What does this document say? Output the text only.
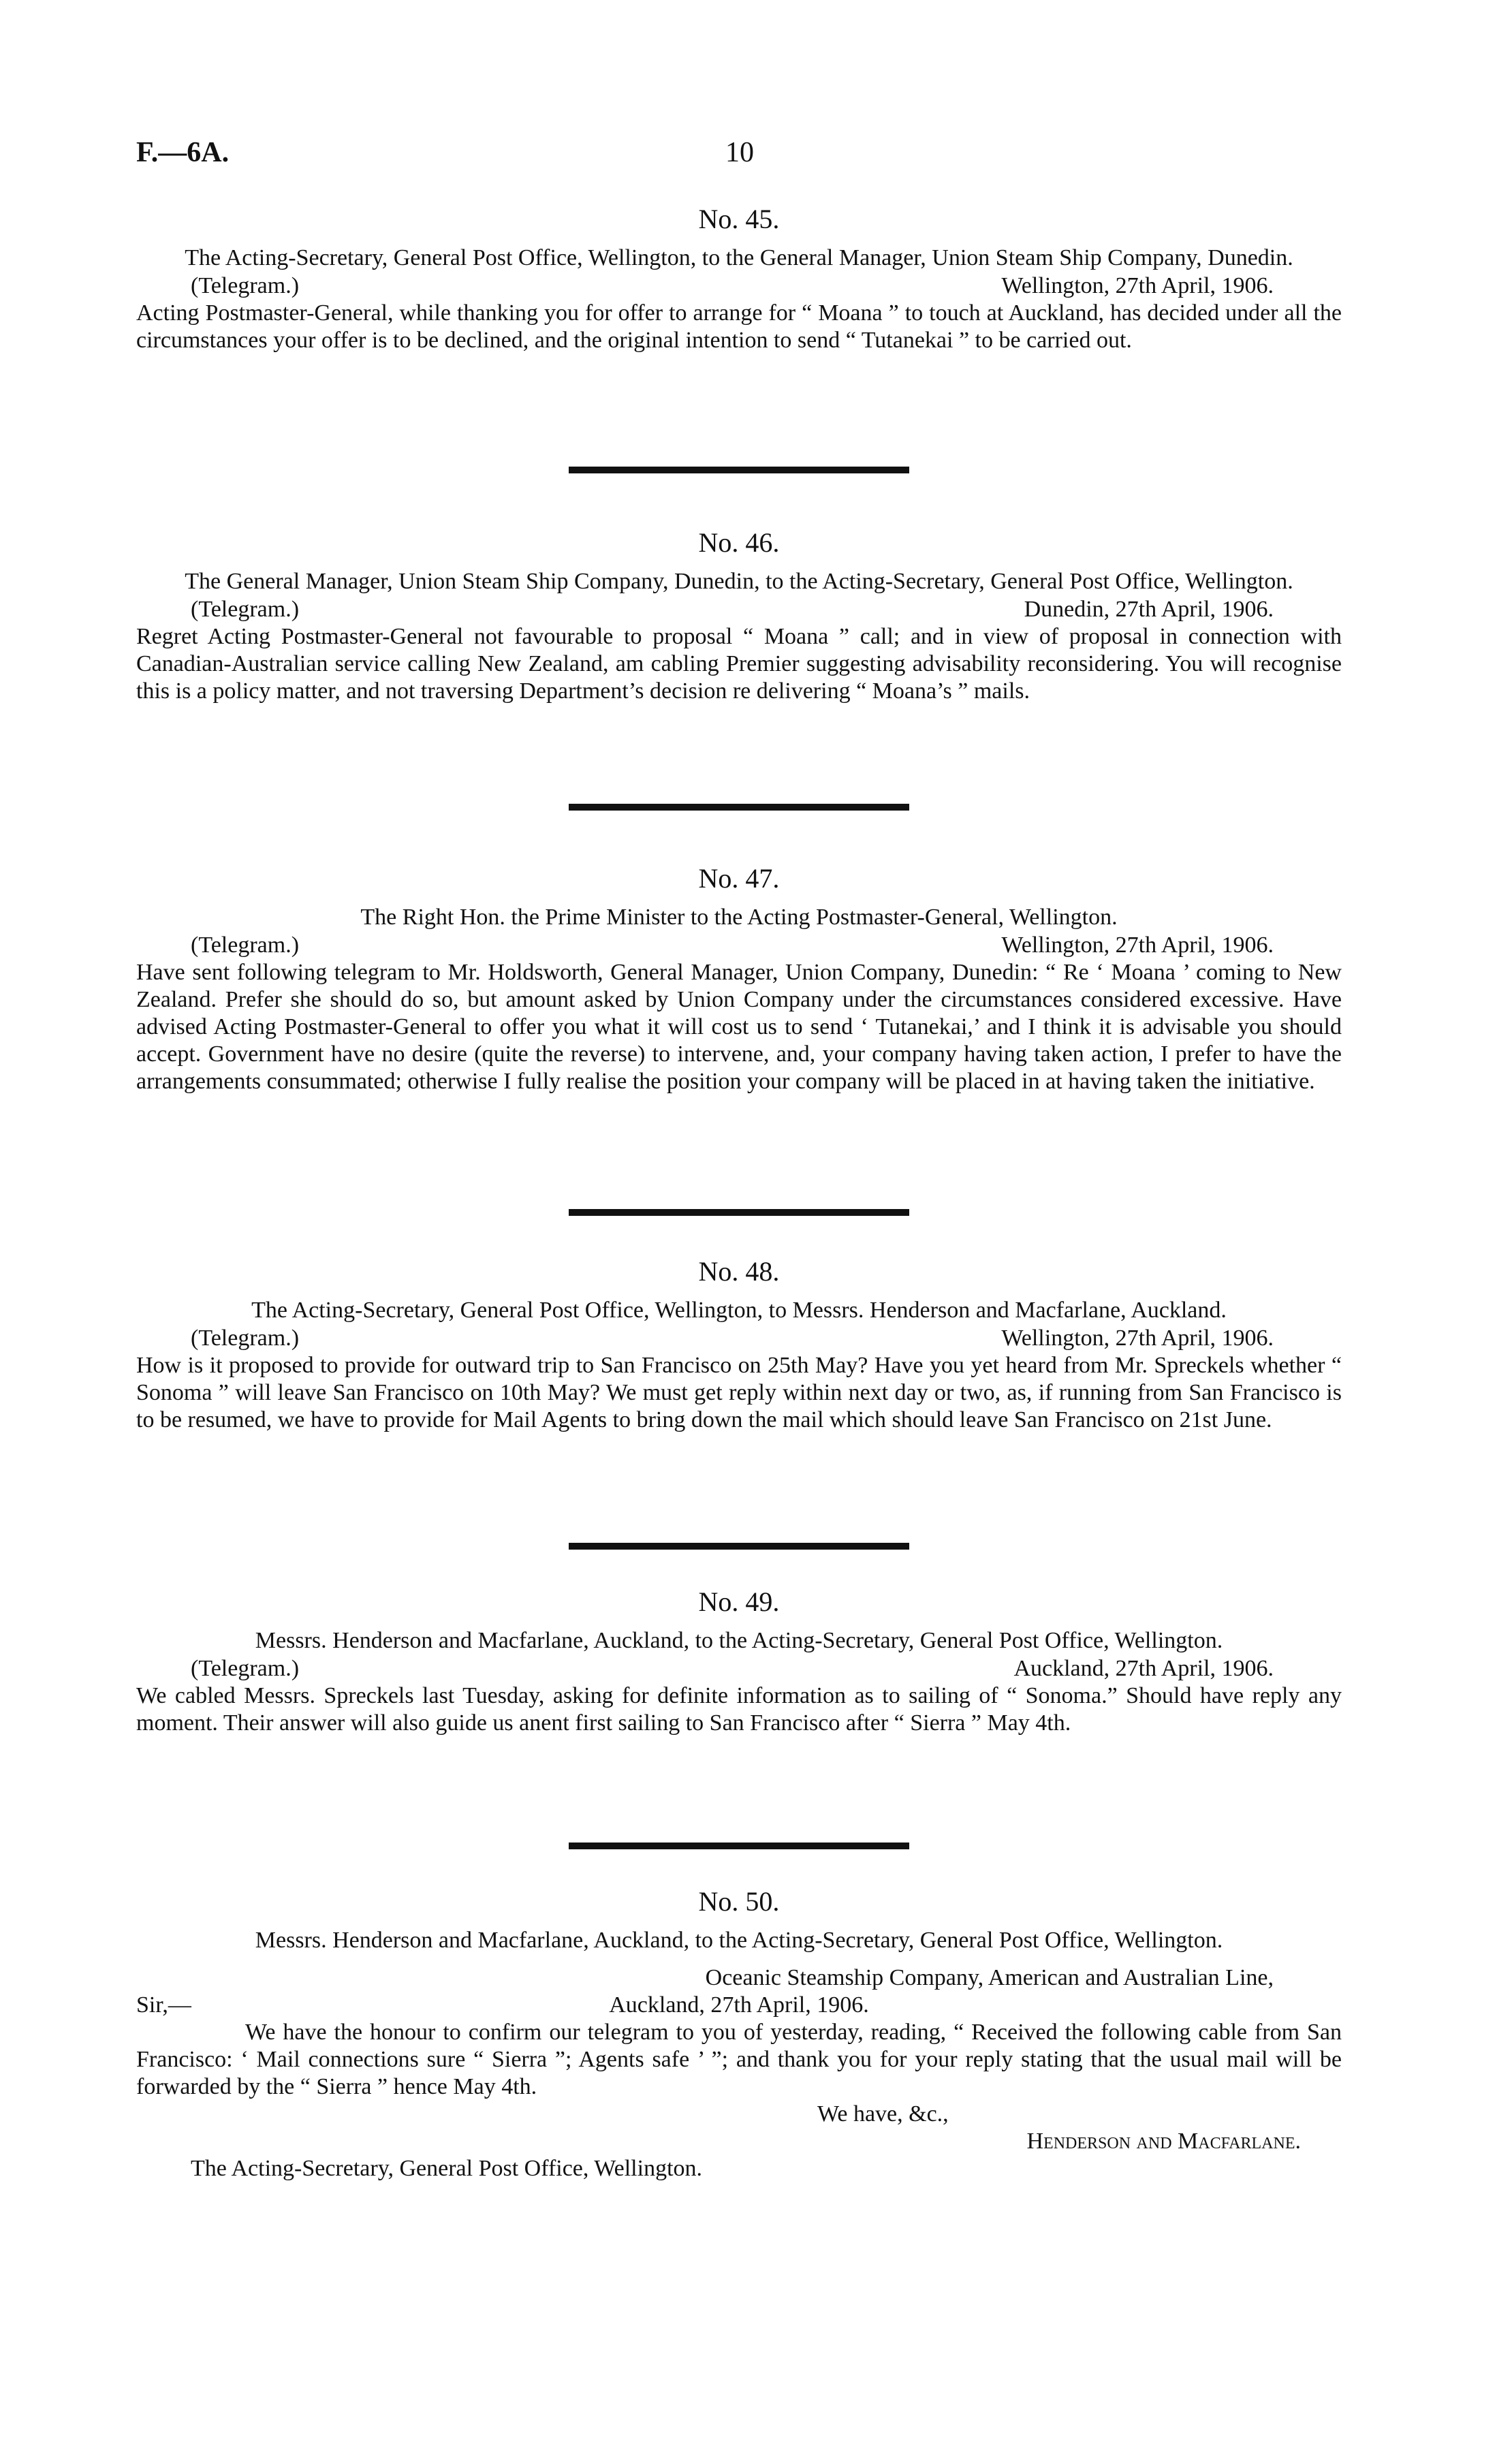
F.—6A.	10
No. 45.
The Acting-Secretary, General Post Office, Wellington, to the General Manager, Union Steam Ship Company, Dunedin.
(Telegram.)	Wellington, 27th April, 1906.
Acting Postmaster-General, while thanking you for offer to arrange for “ Moana ” to touch at Auckland, has decided under all the circumstances your offer is to be declined, and the original intention to send “ Tutanekai ” to be carried out.
No. 46.
The General Manager, Union Steam Ship Company, Dunedin, to the Acting-Secretary, General Post Office, Wellington.
(Telegram.)	Dunedin, 27th April, 1906.
Regret Acting Postmaster-General not favourable to proposal “ Moana ” call; and in view of proposal in connection with Canadian-Australian service calling New Zealand, am cabling Premier suggesting advisability reconsidering. You will recognise this is a policy matter, and not traversing Department’s decision re delivering “ Moana’s ” mails.
No. 47.
The Right Hon. the Prime Minister to the Acting Postmaster-General, Wellington.
(Telegram.)	Wellington, 27th April, 1906.
Have sent following telegram to Mr. Holdsworth, General Manager, Union Company, Dunedin: “ Re ‘ Moana ’ coming to New Zealand. Prefer she should do so, but amount asked by Union Company under the circumstances considered excessive. Have advised Acting Postmaster-General to offer you what it will cost us to send ‘ Tutanekai,’ and I think it is advisable you should accept. Government have no desire (quite the reverse) to intervene, and, your company having taken action, I prefer to have the arrangements consummated; otherwise I fully realise the position your company will be placed in at having taken the initiative.
No. 48.
The Acting-Secretary, General Post Office, Wellington, to Messrs. Henderson and Macfarlane, Auckland.
(Telegram.)	Wellington, 27th April, 1906.
How is it proposed to provide for outward trip to San Francisco on 25th May? Have you yet heard from Mr. Spreckels whether “ Sonoma ” will leave San Francisco on 10th May? We must get reply within next day or two, as, if running from San Francisco is to be resumed, we have to provide for Mail Agents to bring down the mail which should leave San Francisco on 21st June.
No. 49.
Messrs. Henderson and Macfarlane, Auckland, to the Acting-Secretary, General Post Office, Wellington.
(Telegram.)	Auckland, 27th April, 1906.
We cabled Messrs. Spreckels last Tuesday, asking for definite information as to sailing of “ Sonoma.” Should have reply any moment. Their answer will also guide us anent first sailing to San Francisco after “ Sierra ” May 4th.
No. 50.
Messrs. Henderson and Macfarlane, Auckland, to the Acting-Secretary, General Post Office, Wellington.
Oceanic Steamship Company, American and Australian Line,
Auckland, 27th April, 1906.
Sir,—
We have the honour to confirm our telegram to you of yesterday, reading, “ Received the following cable from San Francisco: ‘ Mail connections sure “ Sierra ”; Agents safe ’ ”; and thank you for your reply stating that the usual mail will be forwarded by the “ Sierra ” hence May 4th.
We have, &c.,
Henderson and Macfarlane.
The Acting-Secretary, General Post Office, Wellington.
